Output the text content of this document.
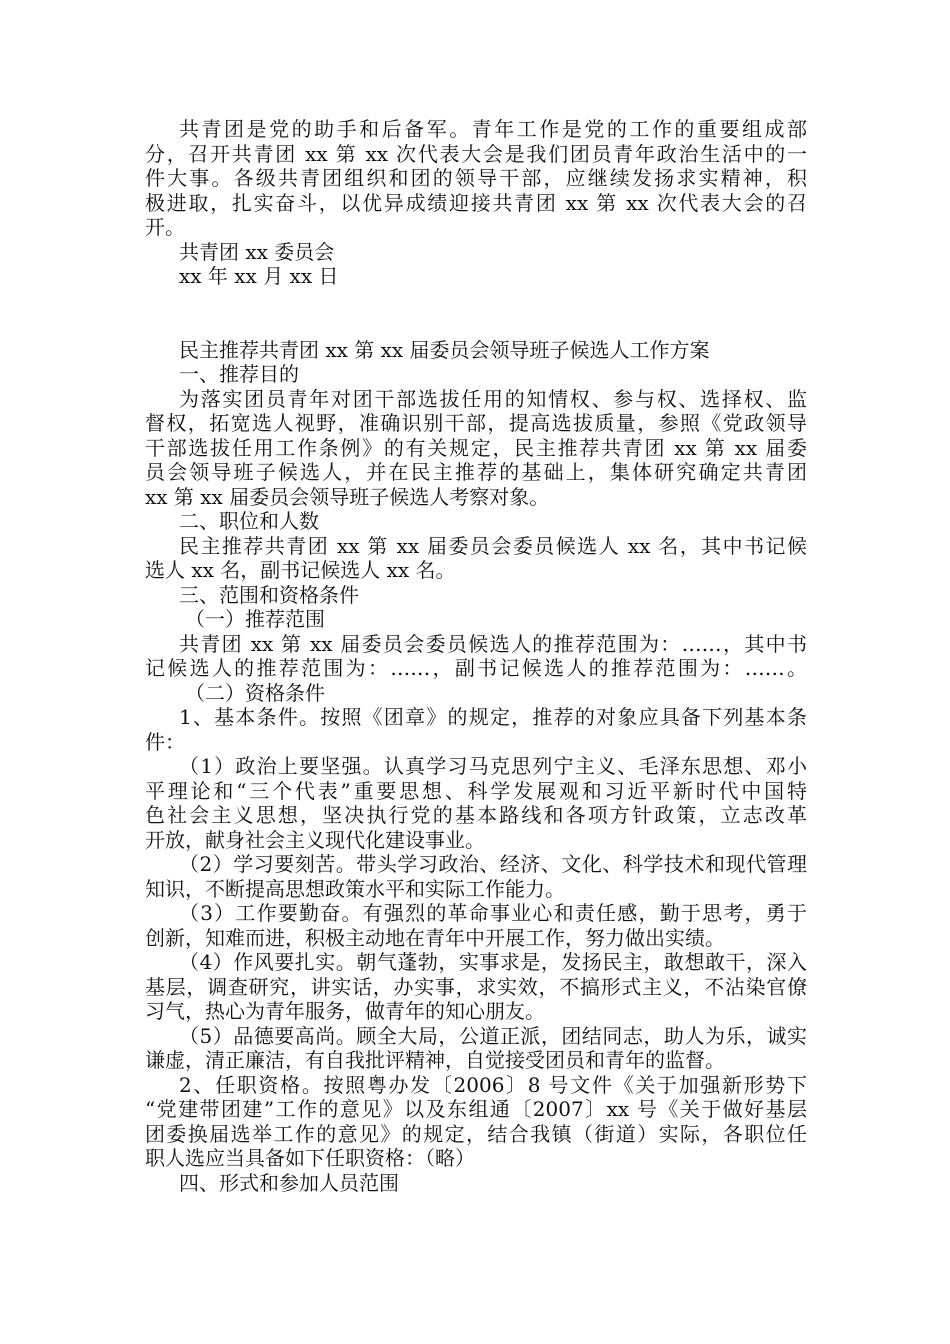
共青团是党的助手和后备军。青年工作是党的工作的重要组成部
分，召开共青团 xx 第 xx 次代表大会是我们团员青年政治生活中的一
件大事。各级共青团组织和团的领导干部，应继续发扬求实精神，积
极进取，扎实奋斗，以优异成绩迎接共青团 xx 第 xx 次代表大会的召
开。
共青团 xx 委员会
xx 年 xx 月 xx 日
民主推荐共青团 xx 第 xx 届委员会领导班子候选人工作方案
一、推荐目的
为落实团员青年对团干部选拔任用的知情权、参与权、选择权、监
督权，拓宽选人视野，准确识别干部，提高选拔质量，参照《党政领导
干部选拔任用工作条例》的有关规定，民主推荐共青团 xx 第 xx 届委
员会领导班子候选人，并在民主推荐的基础上，集体研究确定共青团
xx 第 xx 届委员会领导班子候选人考察对象。
二、职位和人数
民主推荐共青团 xx 第 xx 届委员会委员候选人 xx 名，其中书记候
选人 xx 名，副书记候选人 xx 名。
三、范围和资格条件
（一）推荐范围
共青团 xx 第 xx 届委员会委员候选人的推荐范围为：……，其中书
记候选人的推荐范围为：……，副书记候选人的推荐范围为：……。
（二）资格条件
1、基本条件。按照《团章》的规定，推荐的对象应具备下列基本条
件：
（1）政治上要坚强。认真学习马克思列宁主义、毛泽东思想、邓小
平理论和“三个代表”重要思想、科学发展观和习近平新时代中国特
色社会主义思想，坚决执行党的基本路线和各项方针政策，立志改革
开放，献身社会主义现代化建设事业。
（2）学习要刻苦。带头学习政治、经济、文化、科学技术和现代管理
知识，不断提高思想政策水平和实际工作能力。
（3）工作要勤奋。有强烈的革命事业心和责任感，勤于思考，勇于
创新，知难而进，积极主动地在青年中开展工作，努力做出实绩。
（4）作风要扎实。朝气蓬勃，实事求是，发扬民主，敢想敢干，深入
基层，调查研究，讲实话，办实事，求实效，不搞形式主义，不沾染官僚
习气，热心为青年服务，做青年的知心朋友。
（5）品德要高尚。顾全大局，公道正派，团结同志，助人为乐，诚实
谦虚，清正廉洁，有自我批评精神，自觉接受团员和青年的监督。
2、任职资格。按照粤办发〔2006〕8 号文件《关于加强新形势下
“党建带团建”工作的意见》以及东组通〔2007〕xx 号《关于做好基层
团委换届选举工作的意见》的规定，结合我镇（街道）实际，各职位任
职人选应当具备如下任职资格：（略）
四、形式和参加人员范围
